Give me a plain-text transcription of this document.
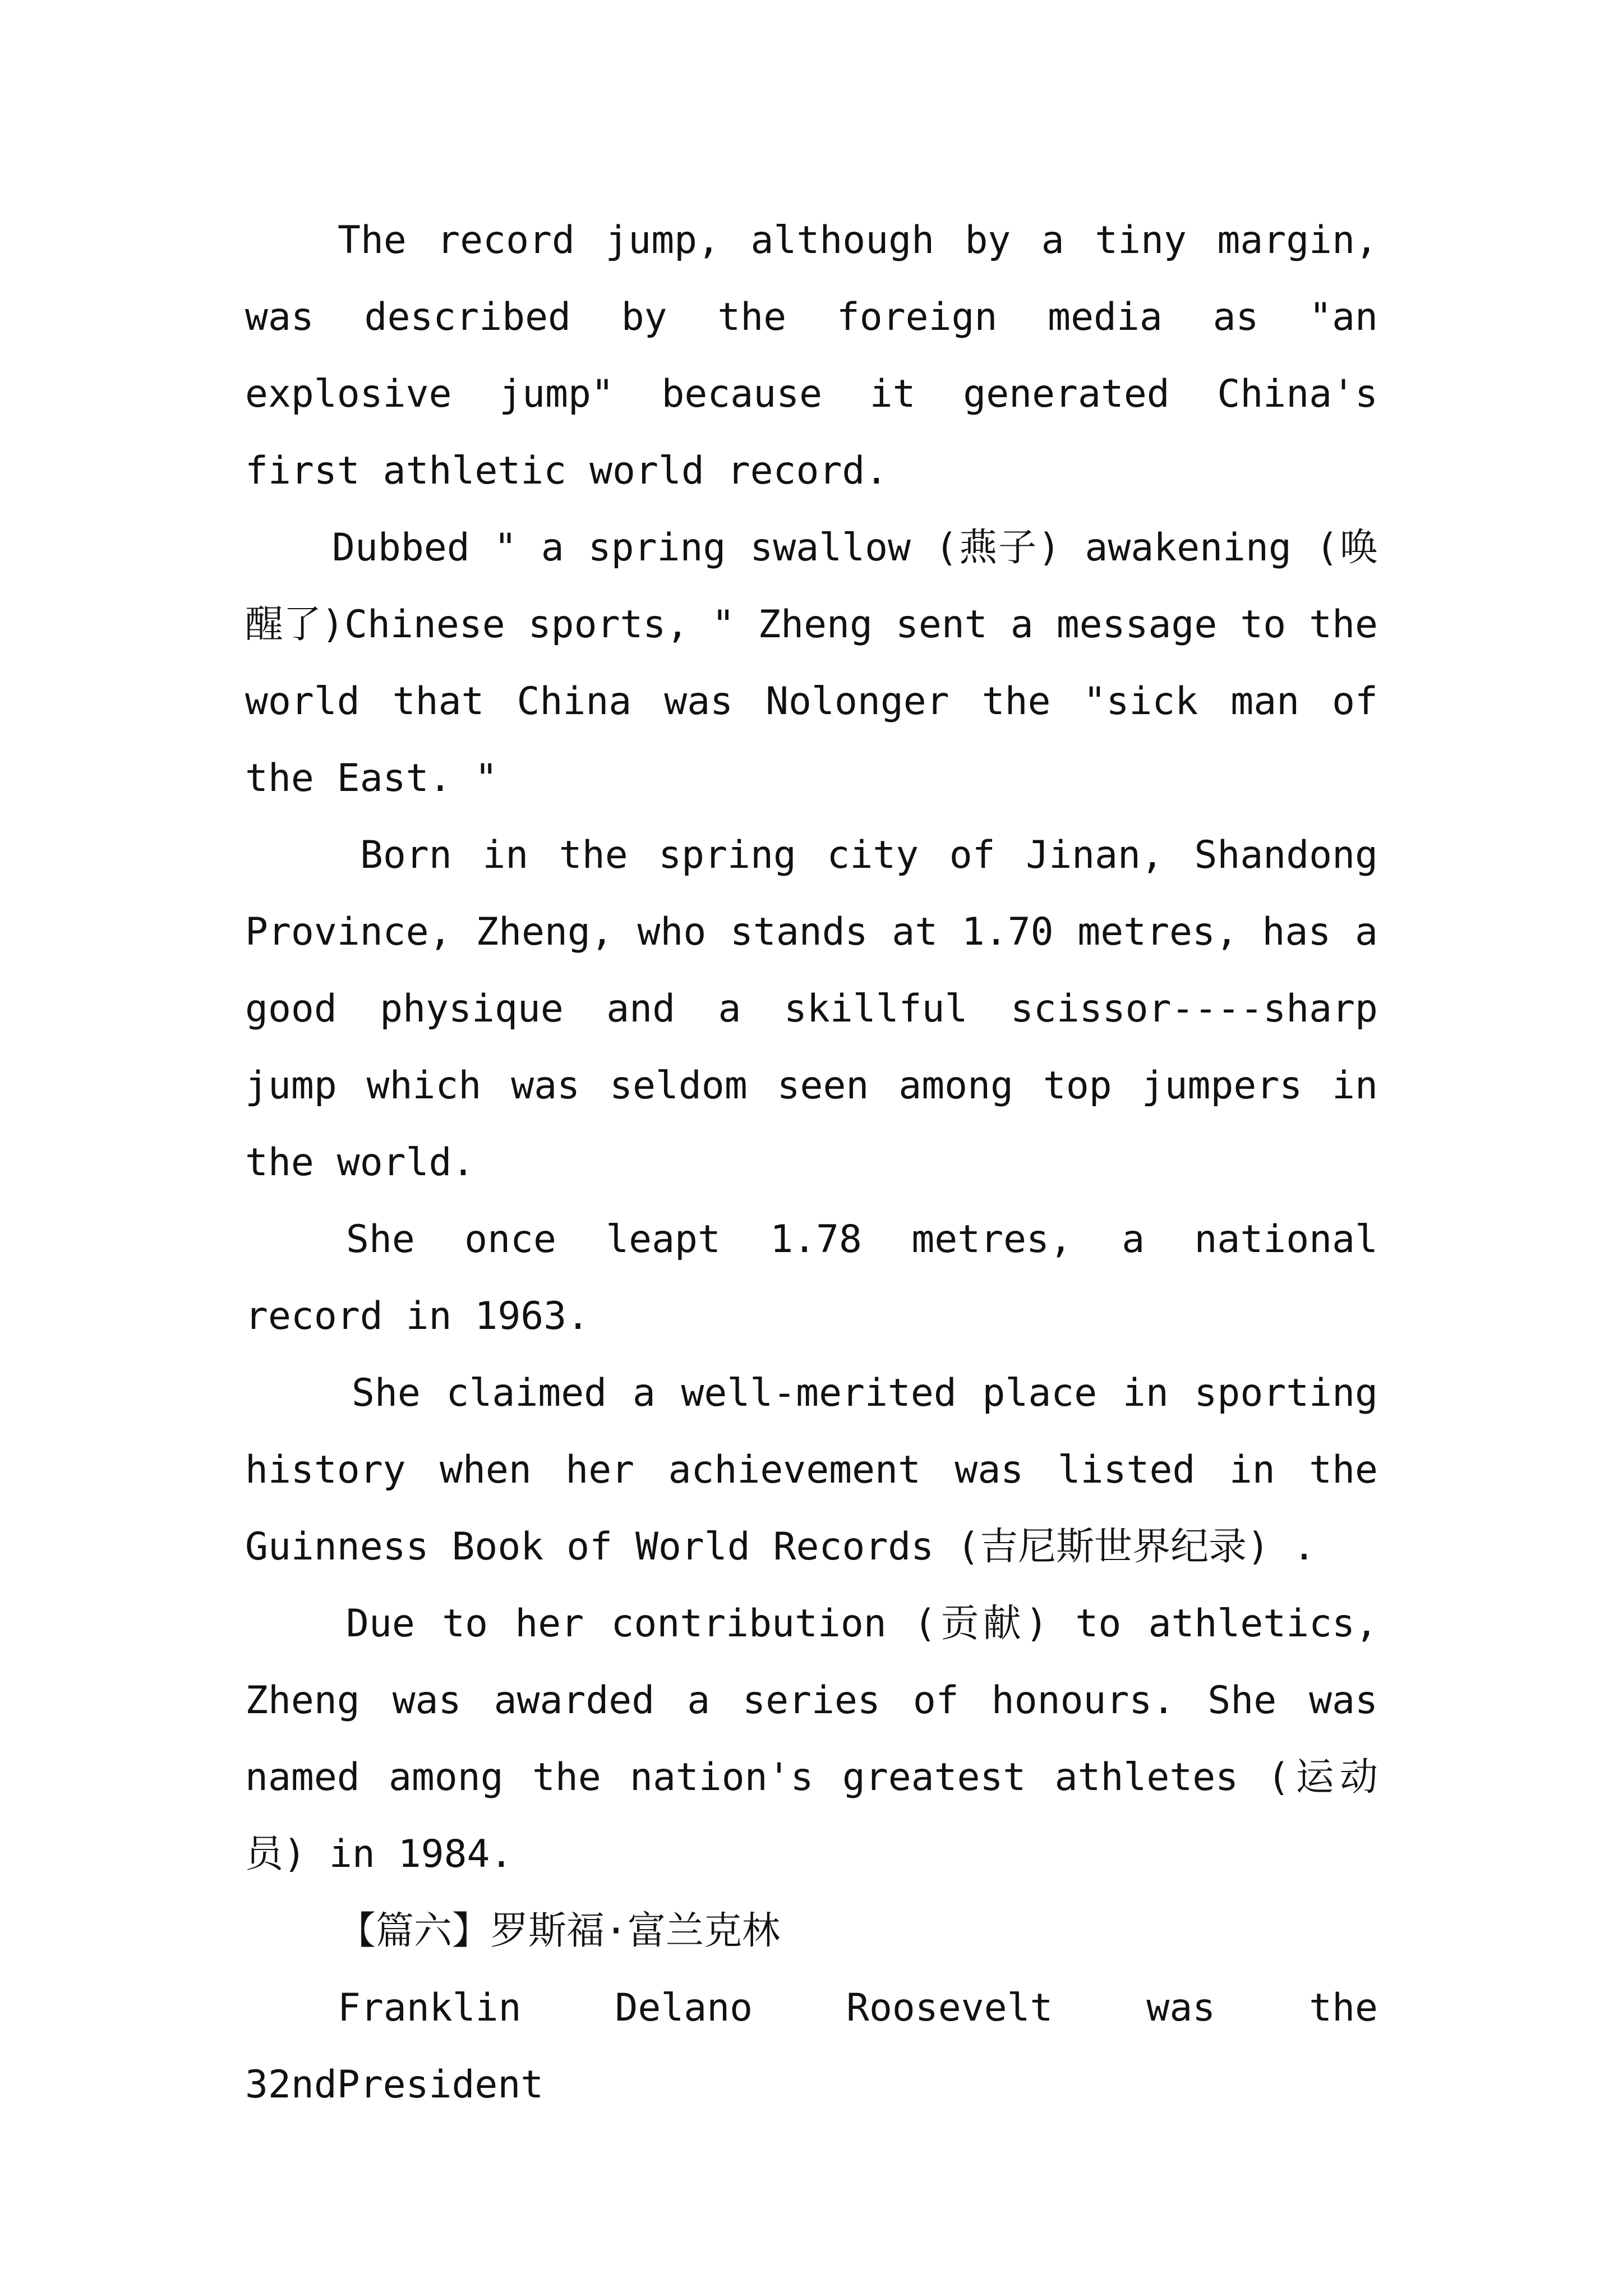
The record jump, although by a tiny margin, was described by the foreign media as "an explosive jump" because it generated China's first athletic world record.

Dubbed " a spring swallow (燕子) awakening (唤醒了)Chinese sports, " Zheng sent a message to the world that China was Nolonger the "sick man of the East. "

Born in the spring city of Jinan, Shandong Province, Zheng, who stands at 1.70 metres, has a good physique and a skillful scissor----sharp jump which was seldom seen among top jumpers in the world.

She once leapt 1.78 metres, a national record in 1963.

She claimed a well-merited place in sporting history when her achievement was listed in the Guinness Book of World Records (吉尼斯世界纪录) .

Due to her contribution (贡献) to athletics, Zheng was awarded a series of honours. She was named among the nation's greatest athletes (运动员) in 1984.

【篇六】罗斯福·富兰克林

Franklin Delano Roosevelt was the 32ndPresident
